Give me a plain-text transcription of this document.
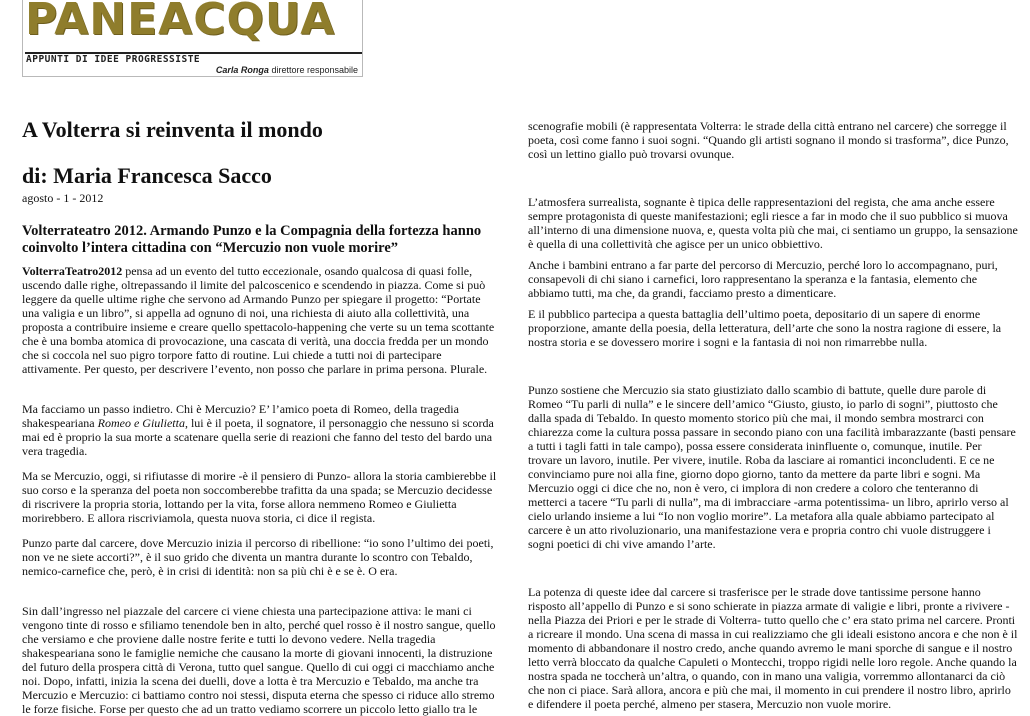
PANEACQUA
APPUNTI DI IDEE PROGRESSISTE
Carla Ronga direttore responsabile
A Volterra si reinventa il mondo
di: Maria Francesca Sacco
agosto - 1 - 2012
Volterrateatro 2012. Armando Punzo e la Compagnia della fortezza hanno coinvolto l’intera cittadina con “Mercuzio non vuole morire”

VolterraTeatro2012 pensa ad un evento del tutto eccezionale, osando qualcosa di quasi folle, uscendo dalle righe, oltrepassando il limite del palcoscenico e scendendo in piazza. Come si può leggere da quelle ultime righe che servono ad Armando Punzo per spiegare il progetto: “Portate una valigia e un libro”, si appella ad ognuno di noi, una richiesta di aiuto alla collettività, una proposta a contribuire insieme e creare quello spettacolo-happening che verte su un tema scottante che è una bomba atomica di provocazione, una cascata di verità, una doccia fredda per un mondo che si coccola nel suo pigro torpore fatto di routine. Lui chiede a tutti noi di partecipare attivamente. Per questo, per descrivere l’evento, non posso che parlare in prima persona. Plurale.

Ma facciamo un passo indietro. Chi è Mercuzio? E’ l’amico poeta di Romeo, della tragedia shakespeariana Romeo e Giulietta, lui è il poeta, il sognatore, il personaggio che nessuno si scorda mai ed è proprio la sua morte a scatenare quella serie di reazioni che fanno del testo del bardo una vera tragedia.

Ma se Mercuzio, oggi, si rifiutasse di morire -è il pensiero di Punzo- allora la storia cambierebbe il suo corso e la speranza del poeta non soccomberebbe trafitta da una spada; se Mercuzio decidesse di riscrivere la propria storia, lottando per la vita, forse allora nemmeno Romeo e Giulietta morirebbero. E allora riscriviamola, questa nuova storia, ci dice il regista.

Punzo parte dal carcere, dove Mercuzio inizia il percorso di ribellione: “io sono l’ultimo dei poeti, non ve ne siete accorti?”, è il suo grido che diventa un mantra durante lo scontro con Tebaldo, nemico-carnefice che, però, è in crisi di identità: non sa più chi è e se è. O era.

Sin dall’ingresso nel piazzale del carcere ci viene chiesta una partecipazione attiva: le mani ci vengono tinte di rosso e sfiliamo tenendole ben in alto, perché quel rosso è il nostro sangue, quello che versiamo e che proviene dalle nostre ferite e tutti lo devono vedere. Nella tragedia shakespeariana sono le famiglie nemiche che causano la morte di giovani innocenti, la distruzione del futuro della prospera città di Verona, tutto quel sangue. Quello di cui oggi ci macchiamo anche noi. Dopo, infatti, inizia la scena dei duelli, dove a lotta è tra Mercuzio e Tebaldo, ma anche tra Mercuzio e Mercuzio: ci battiamo contro noi stessi, disputa eterna che spesso ci riduce allo stremo le forze fisiche. Forse per questo che ad un tratto vediamo scorrere un piccolo letto giallo tra le

scenografie mobili (è rappresentata Volterra: le strade della città entrano nel carcere) che sorregge il poeta, così come fanno i suoi sogni. “Quando gli artisti sognano il mondo si trasforma”, dice Punzo, così un lettino giallo può trovarsi ovunque.

L’atmosfera surrealista, sognante è tipica delle rappresentazioni del regista, che ama anche essere sempre protagonista di queste manifestazioni; egli riesce a far in modo che il suo pubblico si muova all’interno di una dimensione nuova, e, questa volta più che mai, ci sentiamo un gruppo, la sensazione è quella di una collettività che agisce per un unico obbiettivo.

Anche i bambini entrano a far parte del percorso di Mercuzio, perché loro lo accompagnano, puri, consapevoli di chi siano i carnefici, loro rappresentano la speranza e la fantasia, elemento che abbiamo tutti, ma che, da grandi, facciamo presto a dimenticare.

E il pubblico partecipa a questa battaglia dell’ultimo poeta, depositario di un sapere di enorme proporzione, amante della poesia, della letteratura, dell’arte che sono la nostra ragione di essere, la nostra storia e se dovessero morire i sogni e la fantasia di noi non rimarrebbe nulla.

Punzo sostiene che Mercuzio sia stato giustiziato dallo scambio di battute, quelle dure parole di Romeo “Tu parli di nulla” e le sincere dell’amico “Giusto, giusto, io parlo di sogni”, piuttosto che dalla spada di Tebaldo. In questo momento storico più che mai, il mondo sembra mostrarci con chiarezza come la cultura possa passare in secondo piano con una facilità imbarazzante (basti pensare a tutti i tagli fatti in tale campo), possa essere considerata ininfluente o, comunque, inutile. Per trovare un lavoro, inutile. Per vivere, inutile. Roba da lasciare ai romantici inconcludenti. E ce ne convinciamo pure noi alla fine, giorno dopo giorno, tanto da mettere da parte libri e sogni. Ma Mercuzio oggi ci dice che no, non è vero, ci implora di non credere a coloro che tenteranno di metterci a tacere “Tu parli di nulla”, ma di imbracciare -arma potentissima- un libro, aprirlo verso al cielo urlando insieme a lui “Io non voglio morire”. La metafora alla quale abbiamo partecipato al carcere è un atto rivoluzionario, una manifestazione vera e propria contro chi vuole distruggere i sogni poetici di chi vive amando l’arte.

La potenza di queste idee dal carcere si trasferisce per le strade dove tantissime persone hanno risposto all’appello di Punzo e si sono schierate in piazza armate di valigie e libri, pronte a rivivere -nella Piazza dei Priori e per le strade di Volterra- tutto quello che c’ era stato prima nel carcere. Pronti a ricreare il mondo. Una scena di massa in cui realizziamo che gli ideali esistono ancora e che non è il momento di abbandonare il nostro credo, anche quando avremo le mani sporche di sangue e il nostro letto verrà bloccato da qualche Capuleti o Montecchi, troppo rigidi nelle loro regole. Anche quando la nostra spada ne toccherà un’altra, o quando, con in mano una valigia, vorremmo allontanarci da ciò che non ci piace. Sarà allora, ancora e più che mai, il momento in cui prendere il nostro libro, aprirlo e difendere il poeta perché, almeno per stasera, Mercuzio non vuole morire.
